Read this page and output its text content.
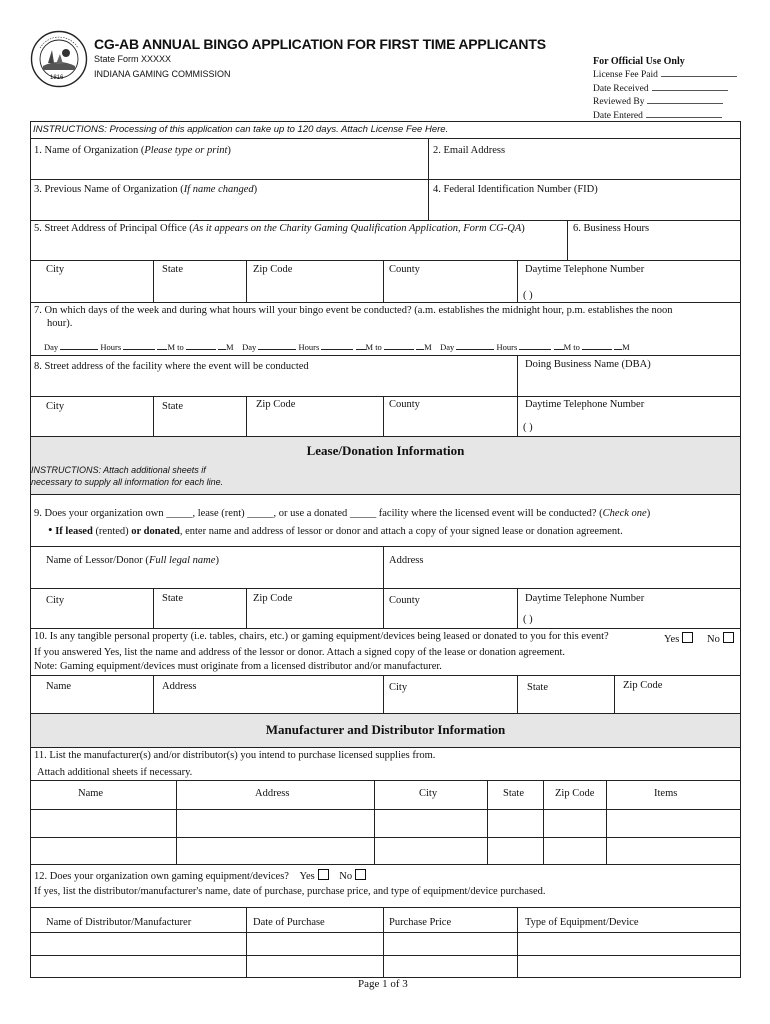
1816
CG-AB ANNUAL BINGO APPLICATION FOR FIRST TIME APPLICANTS
State Form XXXXX
INDIANA GAMING COMMISSION
For Official Use Only
License Fee Paid
Date Received
Reviewed By
Date Entered
INSTRUCTIONS: Processing of this application can take up to 120 days. Attach License Fee Here.
1. Name of Organization (Please type or print)	2. Email Address
3. Previous Name of Organization (If name changed)	4. Federal Identification Number (FID)
5. Street Address of Principal Office (As it appears on the Charity Gaming Qualification Application, Form CG-QA)	6. Business Hours
City	State	Zip Code	County	Daytime Telephone Number
( )
7. On which days of the week and during what hours will your bingo event be conducted? (a.m. establishes the midnight hour, p.m. establishes the noon
hour).
Day	Hours	M to	M Day	Hours	M to	M Day	Hours	M to	M
8. Street address of the facility where the event will be conducted	Doing Business Name (DBA)
City	State	Zip Code	County	Daytime Telephone Number
( )
Lease/Donation Information
INSTRUCTIONS: Attach additional sheets if
necessary to supply all information for each line.
9. Does your organization own _____, lease (rent) _____, or use a donated _____ facility where the licensed event will be conducted? (Check one)
• If leased (rented) or donated, enter name and address of lessor or donor and attach a copy of your signed lease or donation agreement.
Name of Lessor/Donor (Full legal name)	Address
City	State	Zip Code	County	Daytime Telephone Number
( )
10. Is any tangible personal property (i.e. tables, chairs, etc.) or gaming equipment/devices being leased or donated to you for this event?	Yes	No
If you answered Yes, list the name and address of the lessor or donor. Attach a signed copy of the lease or donation agreement.
Note: Gaming equipment/devices must originate from a licensed distributor and/or manufacturer.
Name	Address	City	State	Zip Code
Manufacturer and Distributor Information
11. List the manufacturer(s) and/or distributor(s) you intend to purchase licensed supplies from.
Attach additional sheets if necessary.
Name	Address	City	State	Zip Code	Items
12. Does your organization own gaming equipment/devices? Yes No
If yes, list the distributor/manufacturer's name, date of purchase, purchase price, and type of equipment/device purchased.
Name of Distributor/Manufacturer	Date of Purchase	Purchase Price	Type of Equipment/Device
Page 1 of 3
